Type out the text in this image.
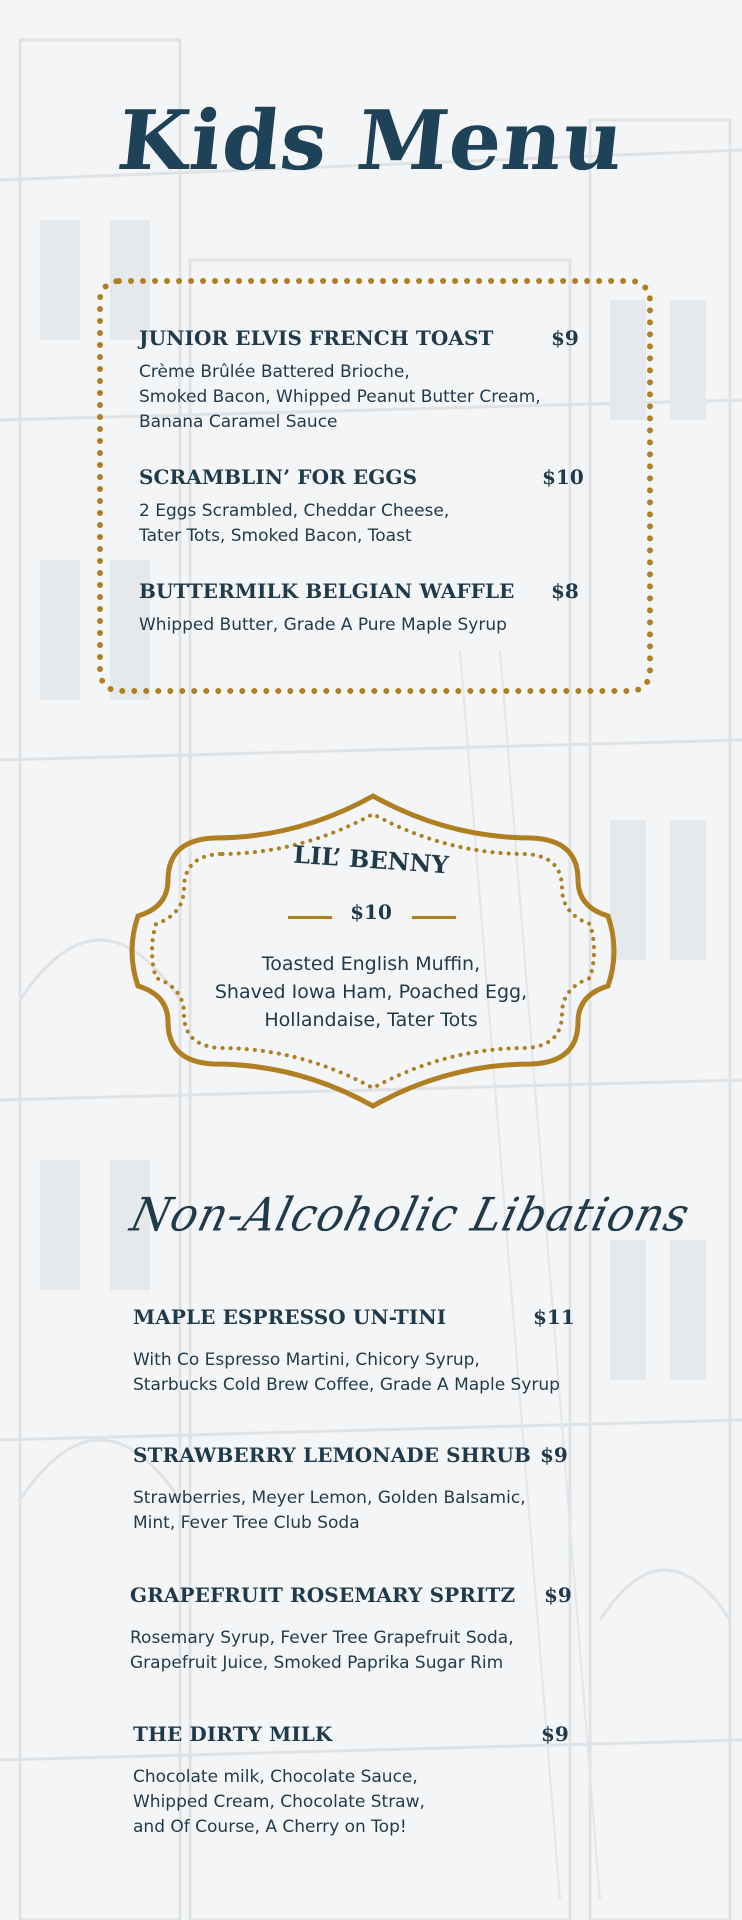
Kids Menu
JUNIOR ELVIS FRENCH TOAST	$9
Crème Brûlée Battered Brioche,
Smoked Bacon, Whipped Peanut Butter Cream,
Banana Caramel Sauce
SCRAMBLIN’ FOR EGGS	$10
2 Eggs Scrambled, Cheddar Cheese,
Tater Tots, Smoked Bacon, Toast
BUTTERMILK BELGIAN WAFFLE $8
Whipped Butter, Grade A Pure Maple Syrup
LIL’ BENNY
$10
Toasted English Muffin,
Shaved Iowa Ham, Poached Egg,
Hollandaise, Tater Tots
Non-Alcoholic Libations
MAPLE ESPRESSO UN-TINI	$11
With Co Espresso Martini, Chicory Syrup,
Starbucks Cold Brew Coffee, Grade A Maple Syrup
STRAWBERRY LEMONADE SHRUB $9
Strawberries, Meyer Lemon, Golden Balsamic,
Mint, Fever Tree Club Soda
GRAPEFRUIT ROSEMARY SPRITZ $9
Rosemary Syrup, Fever Tree Grapefruit Soda,
Grapefruit Juice, Smoked Paprika Sugar Rim
THE DIRTY MILK	$9
Chocolate milk, Chocolate Sauce,
Whipped Cream, Chocolate Straw,
and Of Course, A Cherry on Top!
